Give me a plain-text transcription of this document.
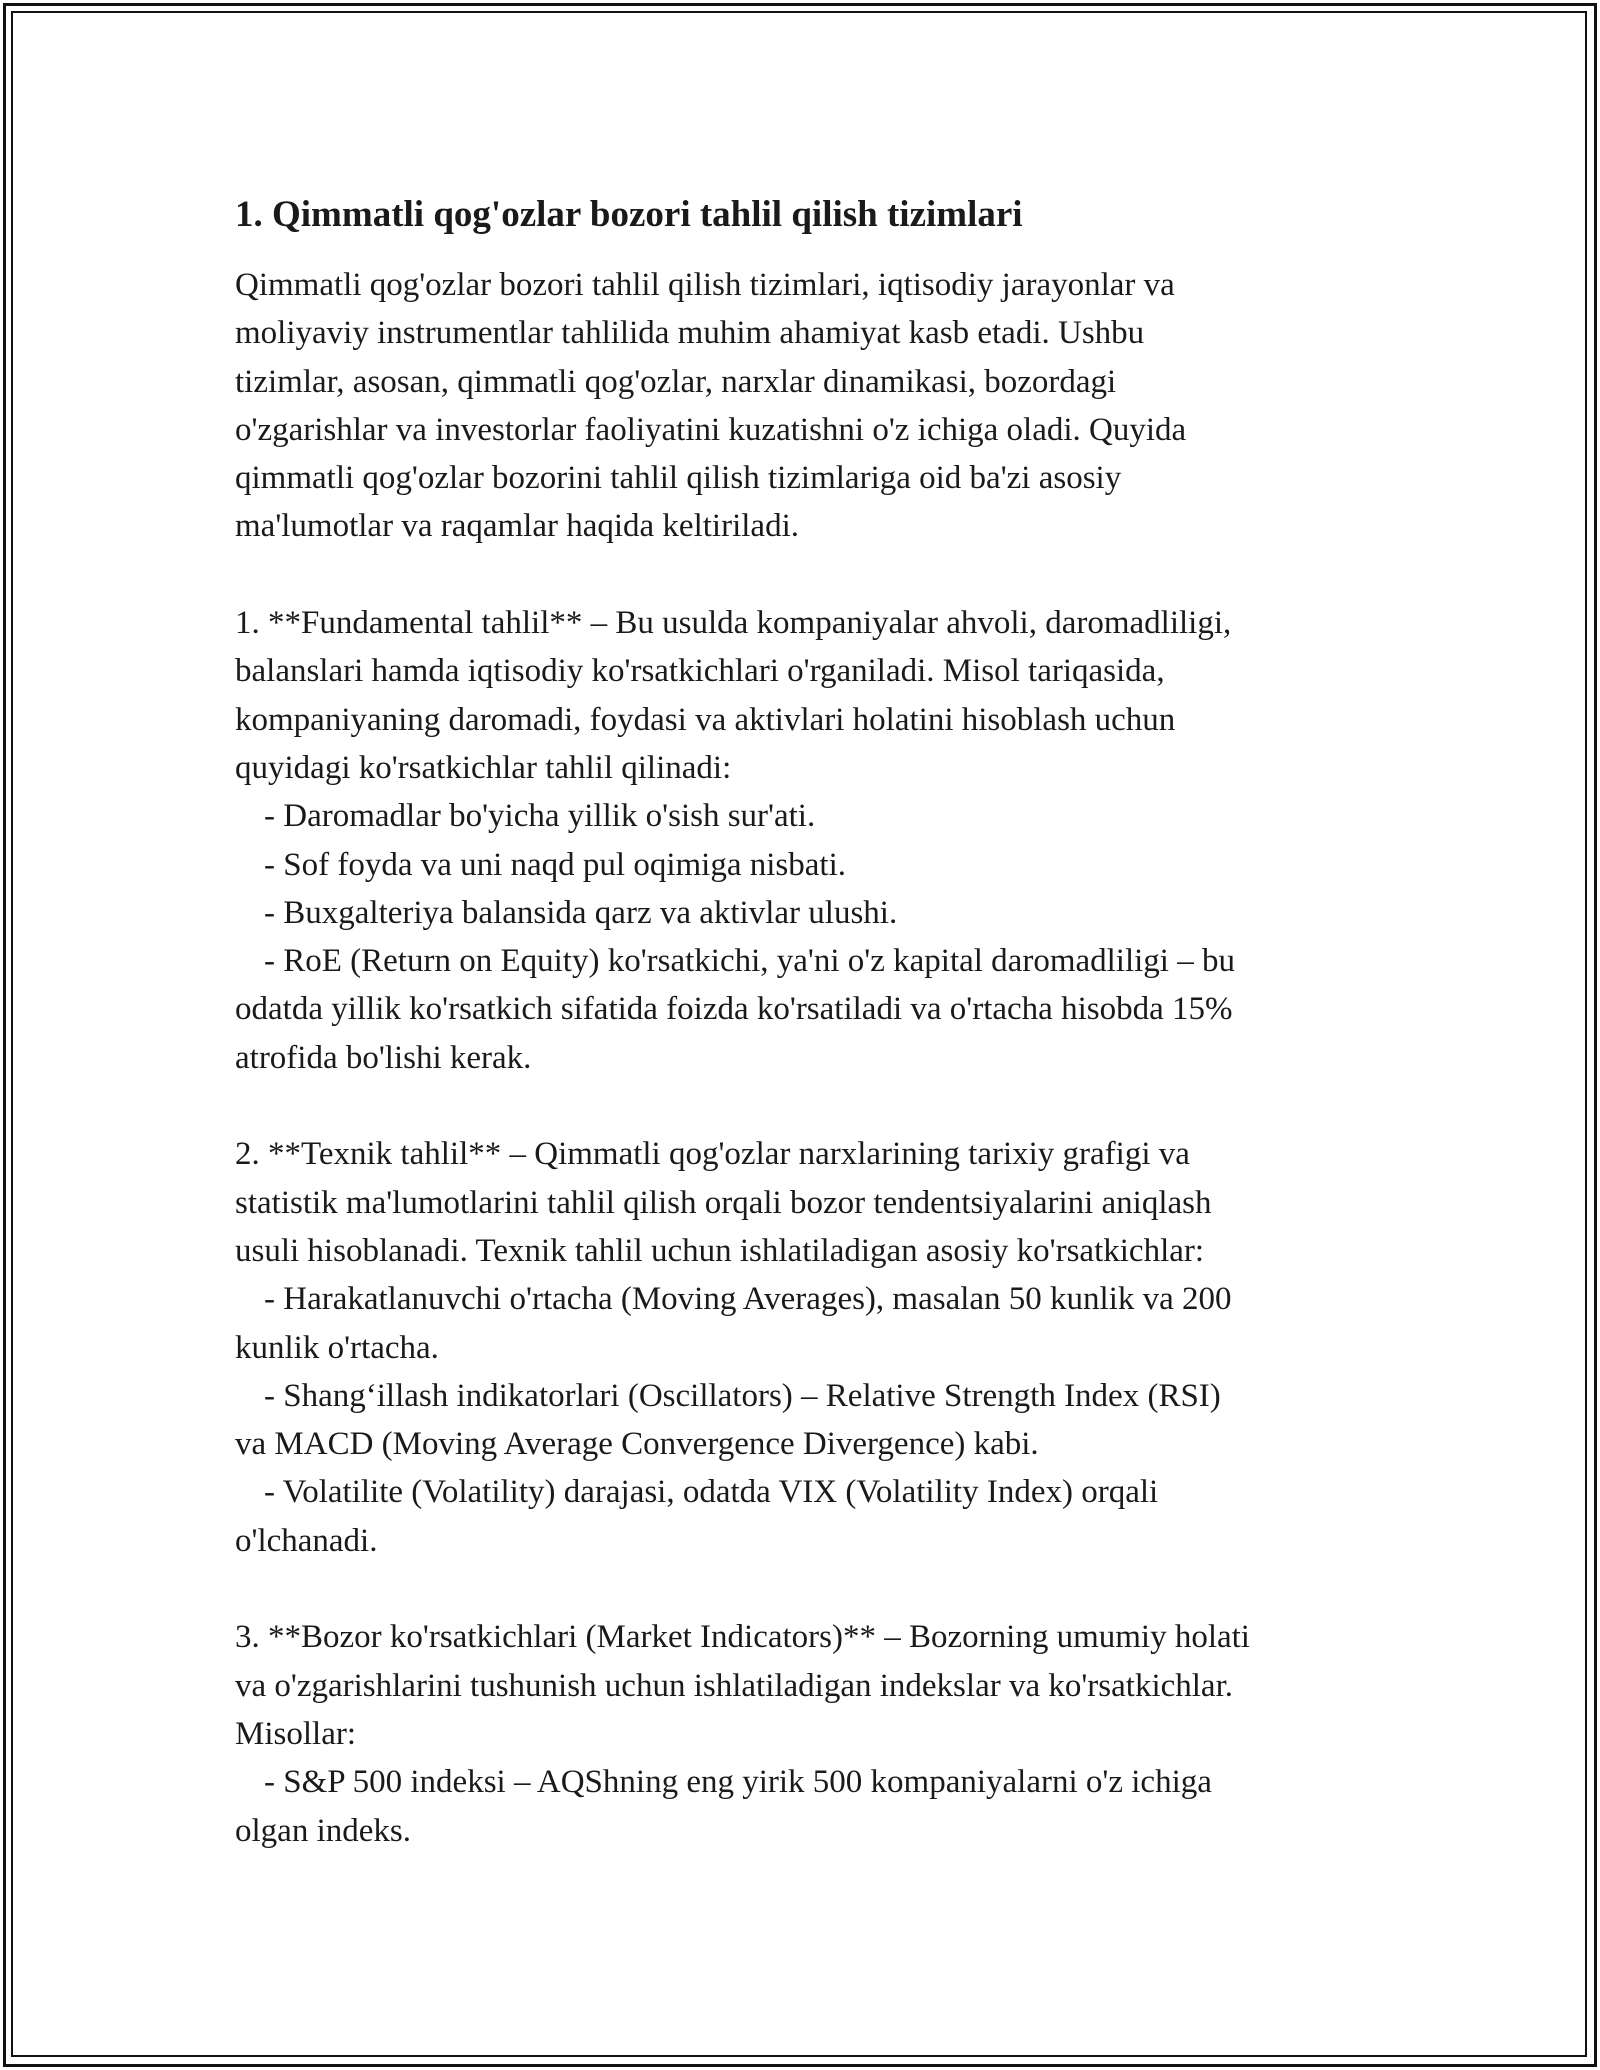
1. Qimmatli qog'ozlar bozori tahlil qilish tizimlari
Qimmatli qog'ozlar bozori tahlil qilish tizimlari, iqtisodiy jarayonlar va
moliyaviy instrumentlar tahlilida muhim ahamiyat kasb etadi. Ushbu
tizimlar, asosan, qimmatli qog'ozlar, narxlar dinamikasi, bozordagi
o'zgarishlar va investorlar faoliyatini kuzatishni o'z ichiga oladi. Quyida
qimmatli qog'ozlar bozorini tahlil qilish tizimlariga oid ba'zi asosiy
ma'lumotlar va raqamlar haqida keltiriladi.
1. **Fundamental tahlil** – Bu usulda kompaniyalar ahvoli, daromadliligi,
balanslari hamda iqtisodiy ko'rsatkichlari o'rganiladi. Misol tariqasida,
kompaniyaning daromadi, foydasi va aktivlari holatini hisoblash uchun
quyidagi ko'rsatkichlar tahlil qilinadi:
- Daromadlar bo'yicha yillik o'sish sur'ati.
- Sof foyda va uni naqd pul oqimiga nisbati.
- Buxgalteriya balansida qarz va aktivlar ulushi.
- RoE (Return on Equity) ko'rsatkichi, ya'ni o'z kapital daromadliligi – bu
odatda yillik ko'rsatkich sifatida foizda ko'rsatiladi va o'rtacha hisobda 15%
atrofida bo'lishi kerak.
2. **Texnik tahlil** – Qimmatli qog'ozlar narxlarining tarixiy grafigi va
statistik ma'lumotlarini tahlil qilish orqali bozor tendentsiyalarini aniqlash
usuli hisoblanadi. Texnik tahlil uchun ishlatiladigan asosiy ko'rsatkichlar:
- Harakatlanuvchi o'rtacha (Moving Averages), masalan 50 kunlik va 200
kunlik o'rtacha.
- Shang‘illash indikatorlari (Oscillators) – Relative Strength Index (RSI)
va MACD (Moving Average Convergence Divergence) kabi.
- Volatilite (Volatility) darajasi, odatda VIX (Volatility Index) orqali
o'lchanadi.
3. **Bozor ko'rsatkichlari (Market Indicators)** – Bozorning umumiy holati
va o'zgarishlarini tushunish uchun ishlatiladigan indekslar va ko'rsatkichlar.
Misollar:
- S&P 500 indeksi – AQShning eng yirik 500 kompaniyalarni o'z ichiga
olgan indeks.
